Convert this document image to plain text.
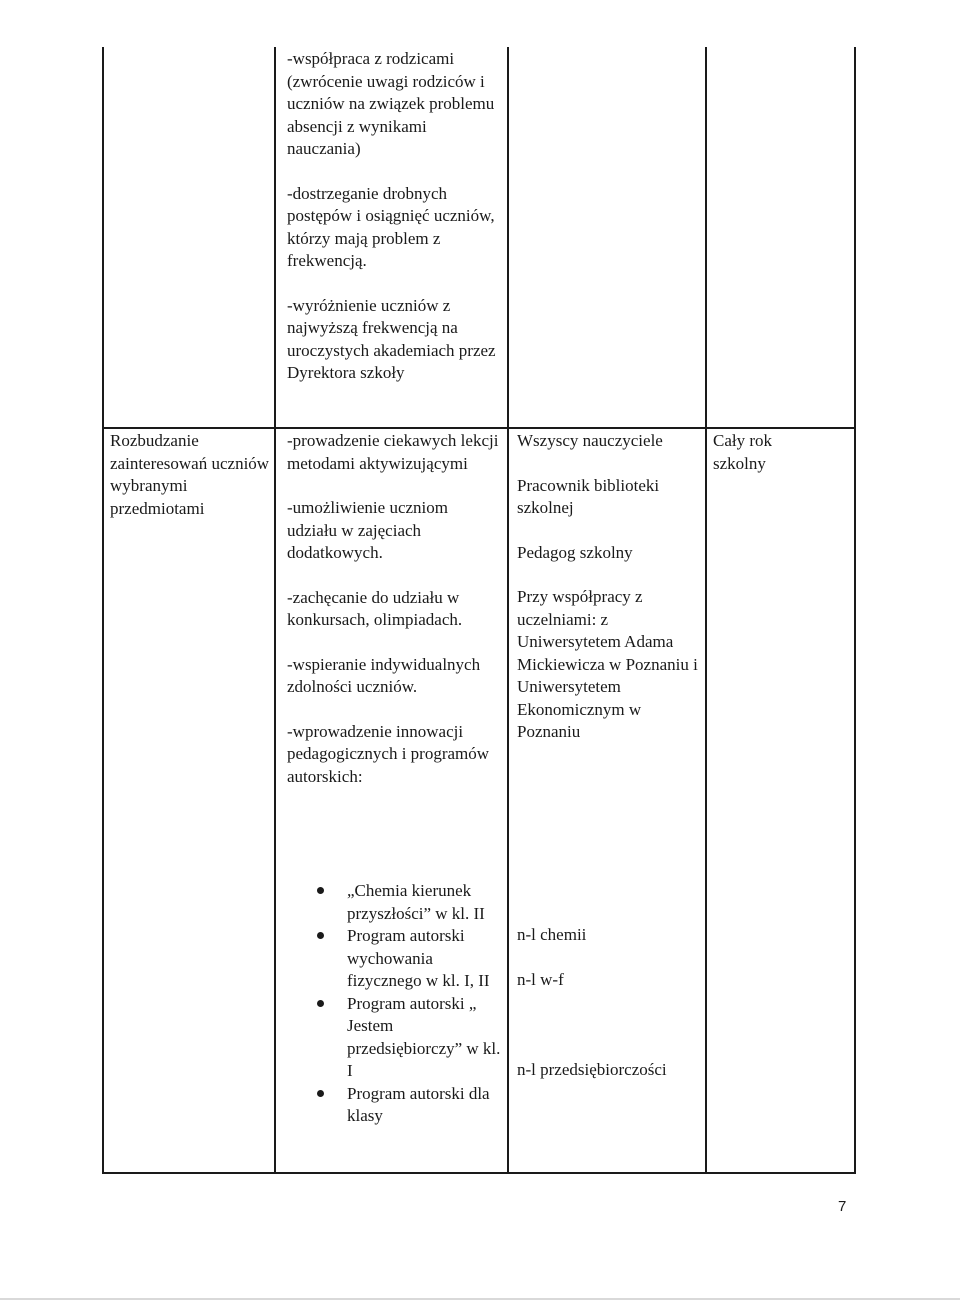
-współpraca z rodzicami (zwrócenie uwagi rodziców i uczniów na związek problemu absencji z wynikami nauczania)

-dostrzeganie drobnych postępów i osiągnięć uczniów, którzy mają problem z frekwencją.

-wyróżnienie uczniów z najwyższą frekwencją na uroczystych akademiach przez Dyrektora szkoły

Rozbudzanie zainteresowań uczniów wybranymi przedmiotami

-prowadzenie ciekawych lekcji metodami aktywizującymi

-umożliwienie uczniom udziału w zajęciach dodatkowych.

-zachęcanie do udziału w konkursach, olimpiadach.

-wspieranie indywidualnych zdolności uczniów.

-wprowadzenie innowacji pedagogicznych i programów autorskich:

„Chemia kierunek przyszłości” w kl. II
Program autorski wychowania fizycznego w kl. I, II
Program autorski „ Jestem przedsiębiorczy” w kl. I
Program autorski dla klasy

Wszyscy nauczyciele

Pracownik biblioteki szkolnej

Pedagog szkolny

Przy współpracy z uczelniami: z Uniwersytetem Adama Mickiewicza w Poznaniu i Uniwersytetem Ekonomicznym w Poznaniu

n-l chemii
n-l w-f
n-l przedsiębiorczości

Cały rok szkolny

7
